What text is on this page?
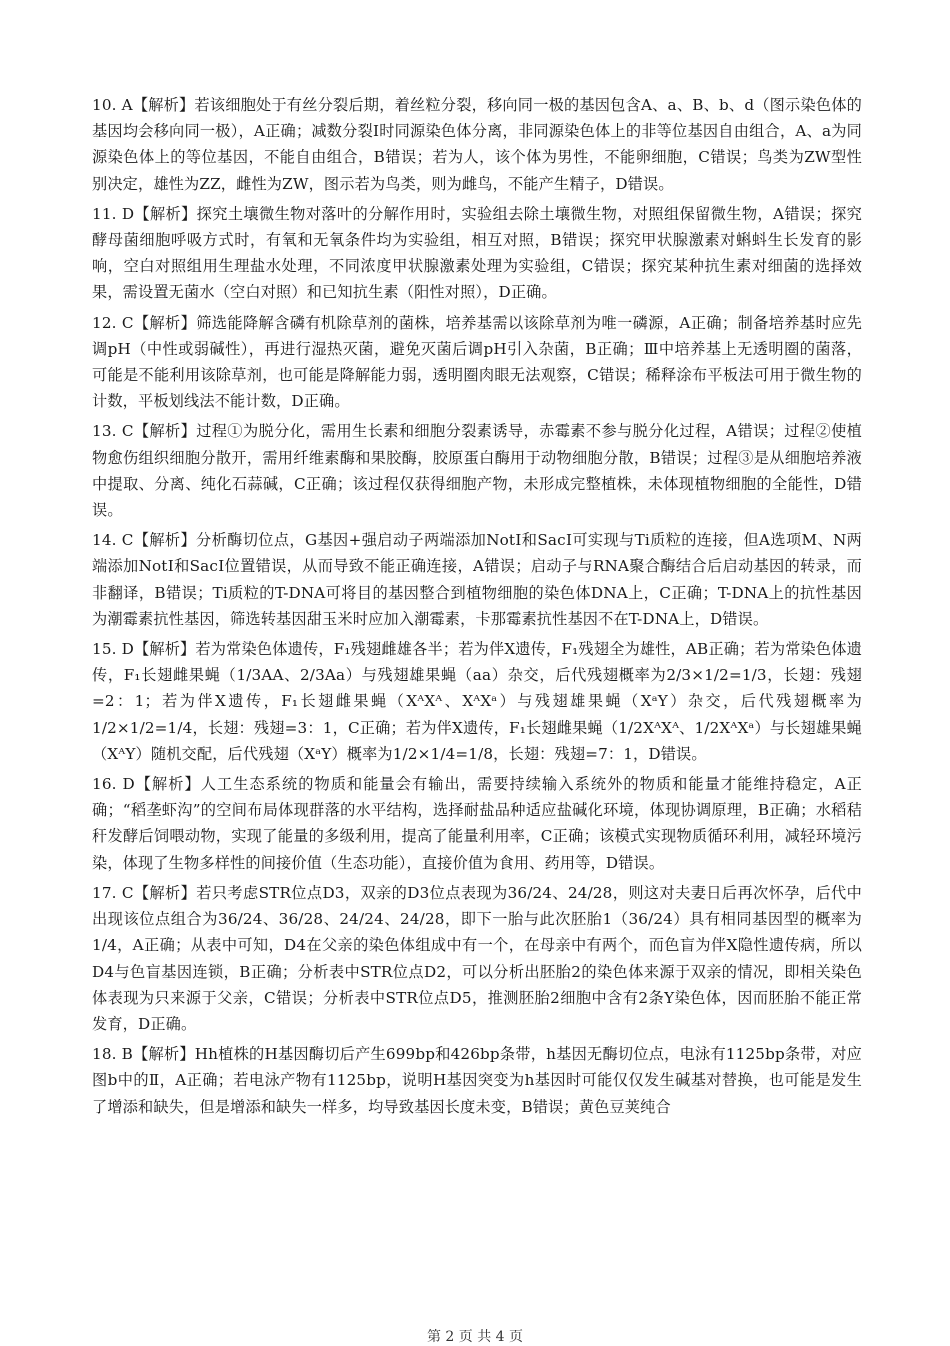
10. A【解析】若该细胞处于有丝分裂后期，着丝粒分裂，移向同一极的基因包含A、a、B、b、d（图示染色体的基因均会移向同一极），A正确；减数分裂Ⅰ时同源染色体分离，非同源染色体上的非等位基因自由组合，A、a为同源染色体上的等位基因，不能自由组合，B错误；若为人，该个体为男性，不能卵细胞，C错误；鸟类为ZW型性别决定，雄性为ZZ，雌性为ZW，图示若为鸟类，则为雌鸟，不能产生精子，D错误。

11. D【解析】探究土壤微生物对落叶的分解作用时，实验组去除土壤微生物，对照组保留微生物，A错误；探究酵母菌细胞呼吸方式时，有氧和无氧条件均为实验组，相互对照，B错误；探究甲状腺激素对蝌蚪生长发育的影响，空白对照组用生理盐水处理，不同浓度甲状腺激素处理为实验组，C错误；探究某种抗生素对细菌的选择效果，需设置无菌水（空白对照）和已知抗生素（阳性对照），D正确。

12. C【解析】筛选能降解含磷有机除草剂的菌株，培养基需以该除草剂为唯一磷源，A正确；制备培养基时应先调pH（中性或弱碱性），再进行湿热灭菌，避免灭菌后调pH引入杂菌，B正确；Ⅲ中培养基上无透明圈的菌落，可能是不能利用该除草剂，也可能是降解能力弱，透明圈肉眼无法观察，C错误；稀释涂布平板法可用于微生物的计数，平板划线法不能计数，D正确。

13. C【解析】过程①为脱分化，需用生长素和细胞分裂素诱导，赤霉素不参与脱分化过程，A错误；过程②使植物愈伤组织细胞分散开，需用纤维素酶和果胶酶，胶原蛋白酶用于动物细胞分散，B错误；过程③是从细胞培养液中提取、分离、纯化石蒜碱，C正确；该过程仅获得细胞产物，未形成完整植株，未体现植物细胞的全能性，D错误。

14. C【解析】分析酶切位点，G基因+强启动子两端添加NotⅠ和SacⅠ可实现与Ti质粒的连接，但A选项M、N两端添加NotⅠ和SacⅠ位置错误，从而导致不能正确连接，A错误；启动子与RNA聚合酶结合后启动基因的转录，而非翻译，B错误；Ti质粒的T-DNA可将目的基因整合到植物细胞的染色体DNA上，C正确；T-DNA上的抗性基因为潮霉素抗性基因，筛选转基因甜玉米时应加入潮霉素，卡那霉素抗性基因不在T-DNA上，D错误。

15. D【解析】若为常染色体遗传，F₁残翅雌雄各半；若为伴X遗传，F₁残翅全为雄性，AB正确；若为常染色体遗传，F₁长翅雌果蝇（1/3AA、2/3Aa）与残翅雄果蝇（aa）杂交，后代残翅概率为2/3×1/2=1/3，长翅：残翅=2：1；若为伴X遗传，F₁长翅雌果蝇（XᴬXᴬ、XᴬXᵃ）与残翅雄果蝇（XᵃY）杂交，后代残翅概率为1/2×1/2=1/4，长翅：残翅=3：1，C正确；若为伴X遗传，F₁长翅雌果蝇（1/2XᴬXᴬ、1/2XᴬXᵃ）与长翅雄果蝇（XᴬY）随机交配，后代残翅（XᵃY）概率为1/2×1/4=1/8，长翅：残翅=7：1，D错误。

16. D【解析】人工生态系统的物质和能量会有输出，需要持续输入系统外的物质和能量才能维持稳定，A正确；“稻垄虾沟”的空间布局体现群落的水平结构，选择耐盐品种适应盐碱化环境，体现协调原理，B正确；水稻秸秆发酵后饲喂动物，实现了能量的多级利用，提高了能量利用率，C正确；该模式实现物质循环利用，减轻环境污染，体现了生物多样性的间接价值（生态功能），直接价值为食用、药用等，D错误。

17. C【解析】若只考虑STR位点D3，双亲的D3位点表现为36/24、24/28，则这对夫妻日后再次怀孕，后代中出现该位点组合为36/24、36/28、24/24、24/28，即下一胎与此次胚胎1（36/24）具有相同基因型的概率为1/4，A正确；从表中可知，D4在父亲的染色体组成中有一个，在母亲中有两个，而色盲为伴X隐性遗传病，所以D4与色盲基因连锁，B正确；分析表中STR位点D2，可以分析出胚胎2的染色体来源于双亲的情况，即相关染色体表现为只来源于父亲，C错误；分析表中STR位点D5，推测胚胎2细胞中含有2条Y染色体，因而胚胎不能正常发育，D正确。

18. B【解析】Hh植株的H基因酶切后产生699bp和426bp条带，h基因无酶切位点，电泳有1125bp条带，对应图b中的Ⅱ，A正确；若电泳产物有1125bp，说明H基因突变为h基因时可能仅仅发生碱基对替换，也可能是发生了增添和缺失，但是增添和缺失一样多，均导致基因长度未变，B错误；黄色豆荚纯合

第 2 页 共 4 页
